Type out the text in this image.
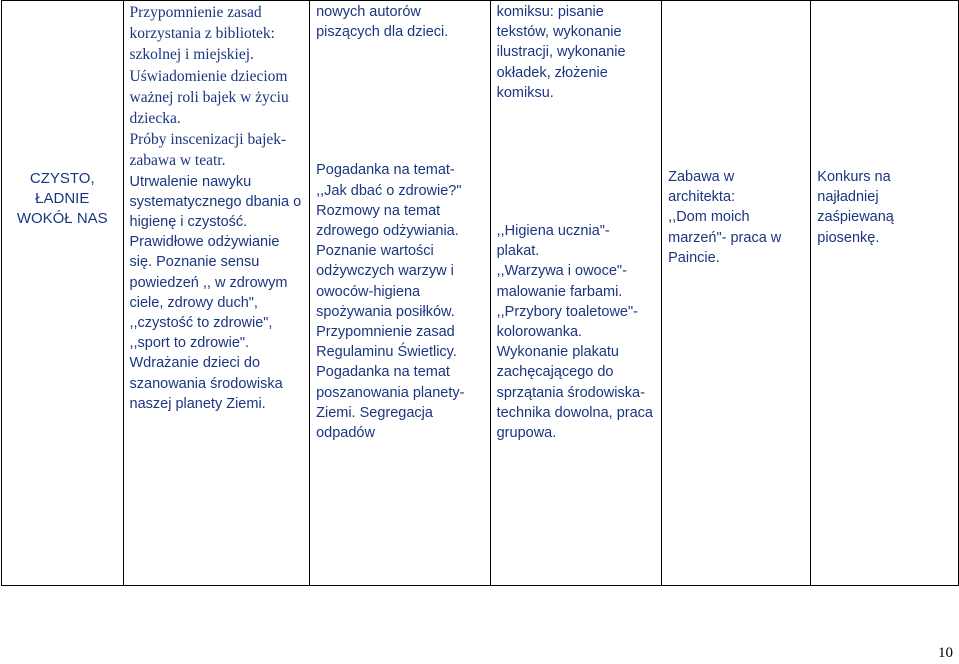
CZYSTO,
ŁADNIE
WOKÓŁ NAS

Przypomnienie zasad
korzystania z bibliotek:
szkolnej i miejskiej.
Uświadomienie dzieciom
ważnej roli bajek w życiu
dziecka.
Próby inscenizacji bajek-
zabawa w teatr.
Utrwalenie nawyku
systematycznego dbania o
higienę i czystość.
Prawidłowe odżywianie
się. Poznanie sensu
powiedzeń ,, w zdrowym
ciele, zdrowy duch",
,,czystość to zdrowie",
,,sport to zdrowie".
Wdrażanie dzieci do
szanowania środowiska
naszej planety Ziemi.

nowych autorów
piszących dla dzieci.
Pogadanka na temat-
,,Jak dbać o zdrowie?"
Rozmowy na temat
zdrowego odżywiania.
Poznanie wartości
odżywczych warzyw i
owoców-higiena
spożywania posiłków.
Przypomnienie zasad
Regulaminu Świetlicy.
Pogadanka na temat
poszanowania planety-
Ziemi. Segregacja
odpadów

komiksu: pisanie
tekstów, wykonanie
ilustracji, wykonanie
okładek, złożenie
komiksu.
,,Higiena ucznia"-
plakat.
,,Warzywa i owoce"-
malowanie farbami.
,,Przybory toaletowe"-
kolorowanka.
Wykonanie plakatu
zachęcającego do
sprzątania środowiska-
technika dowolna, praca
grupowa.

Zabawa w
architekta:
,,Dom moich
marzeń"- praca w
Paincie.

Konkurs na
najładniej
zaśpiewaną
piosenkę.
10
